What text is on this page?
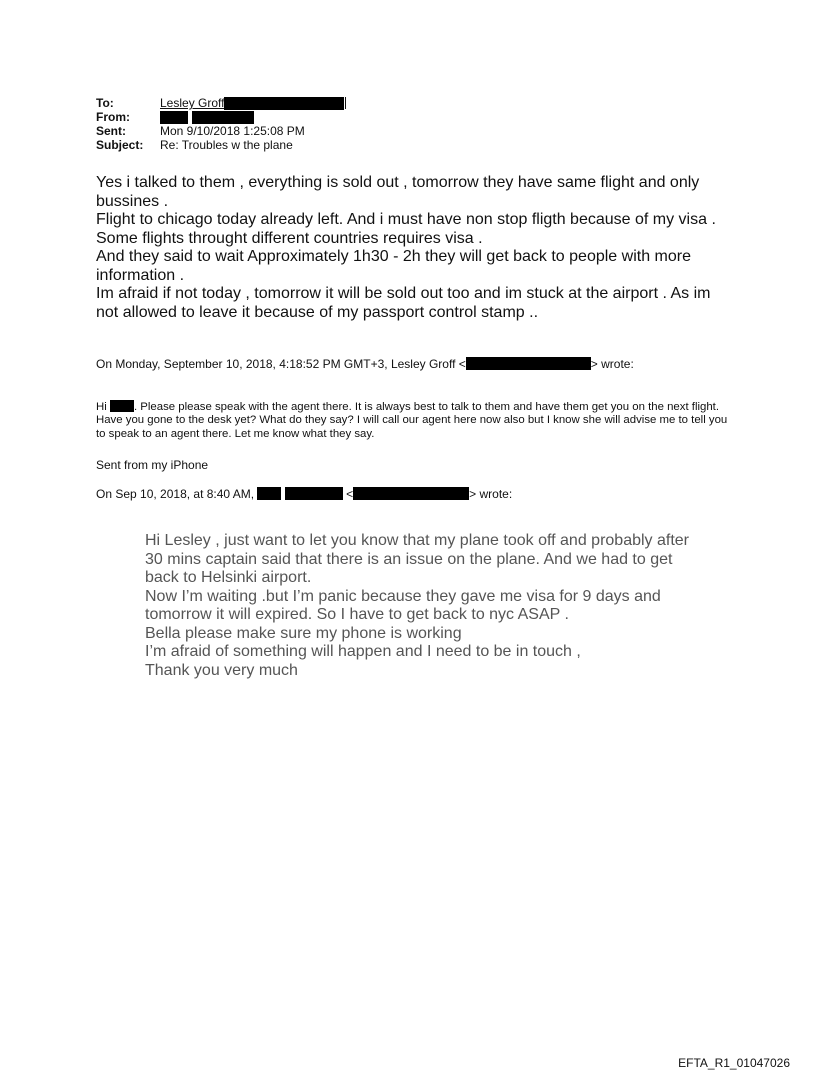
To:	Lesley Groff
From:
Sent:	Mon 9/10/2018 1:25:08 PM
Subject:	Re: Troubles w the plane

Yes i talked to them , everything is sold out , tomorrow they have same flight and only bussines .

Flight to chicago today already left. And i must have non stop fligth because of my visa . Some flights throught different countries requires visa .

And they said to wait Approximately 1h30 - 2h they will get back to people with more information .

Im afraid if not today , tomorrow it will be sold out too and im stuck at the airport . As im not allowed to leave it because of my passport control stamp ..

On Monday, September 10, 2018, 4:18:52 PM GMT+3, Lesley Groff <	> wrote:
Hi . Please please speak with the agent there. It is always best to talk to them and have them get you on the next flight. Have you gone to the desk yet? What do they say? I will call our agent here now also but I know she will advise me to tell you to speak to an agent there. Let me know what they say.
Sent from my iPhone
On Sep 10, 2018, at 8:40 AM,	<	> wrote:

Hi Lesley , just want to let you know that my plane took off and probably after 30 mins captain said that there is an issue on the plane. And we had to get back to Helsinki airport.

Now I’m waiting .but I’m panic because they gave me visa for 9 days and tomorrow it will expired. So I have to get back to nyc ASAP .

Bella please make sure my phone is working

I’m afraid of something will happen and I need to be in touch ,

Thank you very much

EFTA_R1_01047026
